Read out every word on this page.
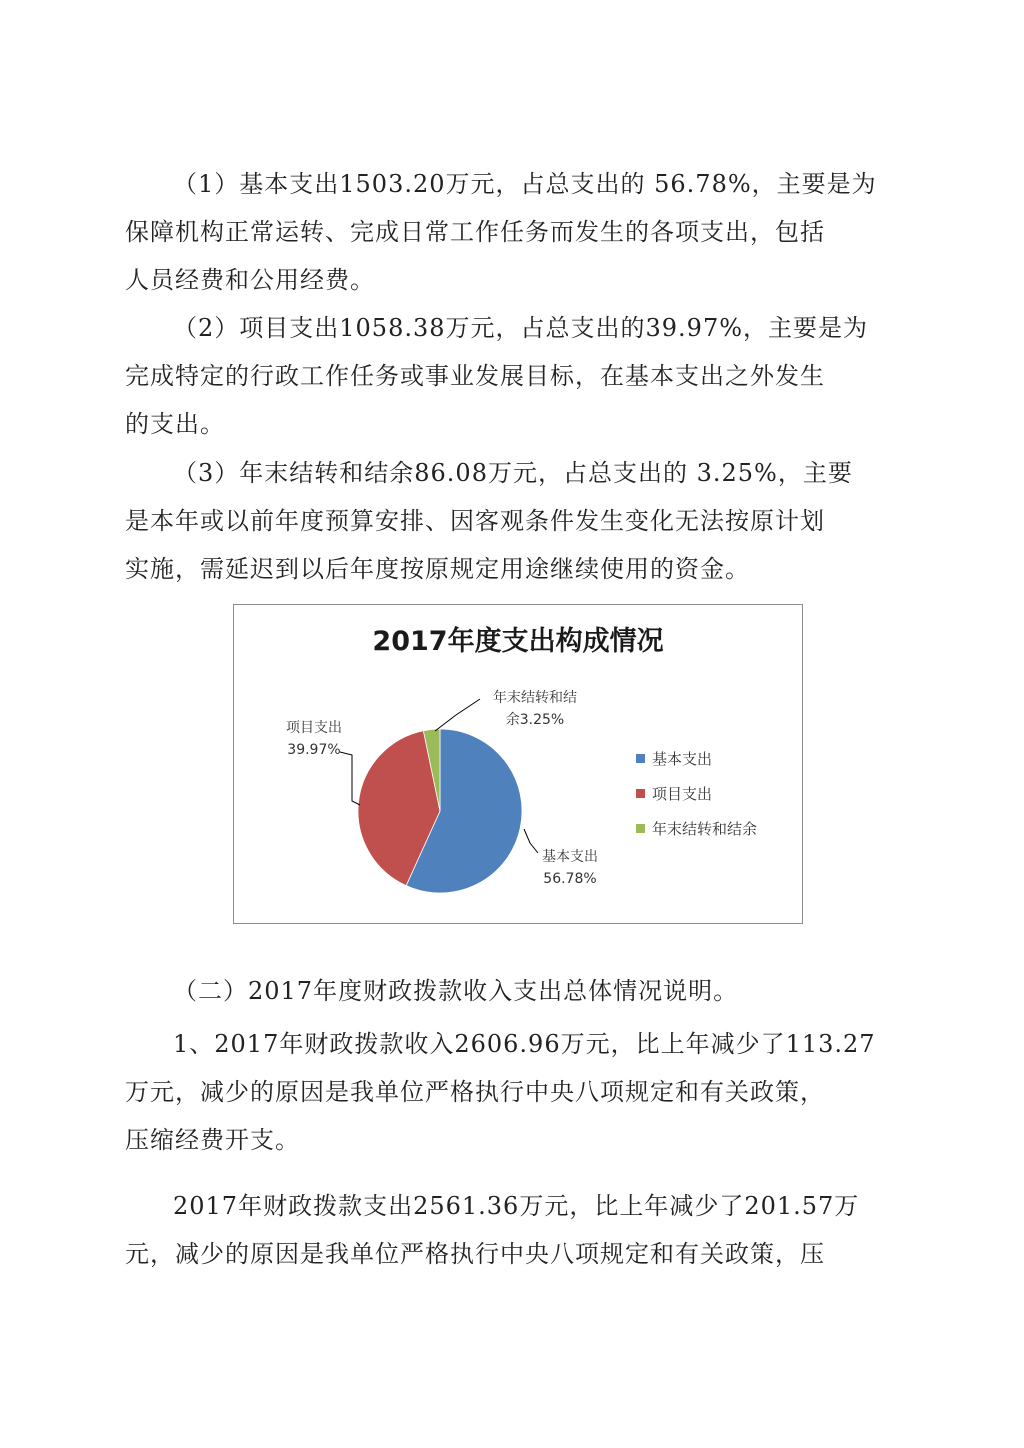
（1）基本支出1503.20万元，占总支出的 56.78%，主要是为
保障机构正常运转、完成日常工作任务而发生的各项支出，包括
人员经费和公用经费。
（2）项目支出1058.38万元，占总支出的39.97%，主要是为
完成特定的行政工作任务或事业发展目标，在基本支出之外发生
的支出。
（3）年末结转和结余86.08万元，占总支出的 3.25%，主要
是本年或以前年度预算安排、因客观条件发生变化无法按原计划
实施，需延迟到以后年度按原规定用途继续使用的资金。
2017年度支出构成情况
基本支出
56.78%
项目支出
39.97%
年末结转和结
余3.25%
基本支出
项目支出
年末结转和结余
（二）2017年度财政拨款收入支出总体情况说明。
1、2017年财政拨款收入2606.96万元，比上年减少了113.27
万元，减少的原因是我单位严格执行中央八项规定和有关政策，
压缩经费开支。
2017年财政拨款支出2561.36万元，比上年减少了201.57万
元，减少的原因是我单位严格执行中央八项规定和有关政策，压
